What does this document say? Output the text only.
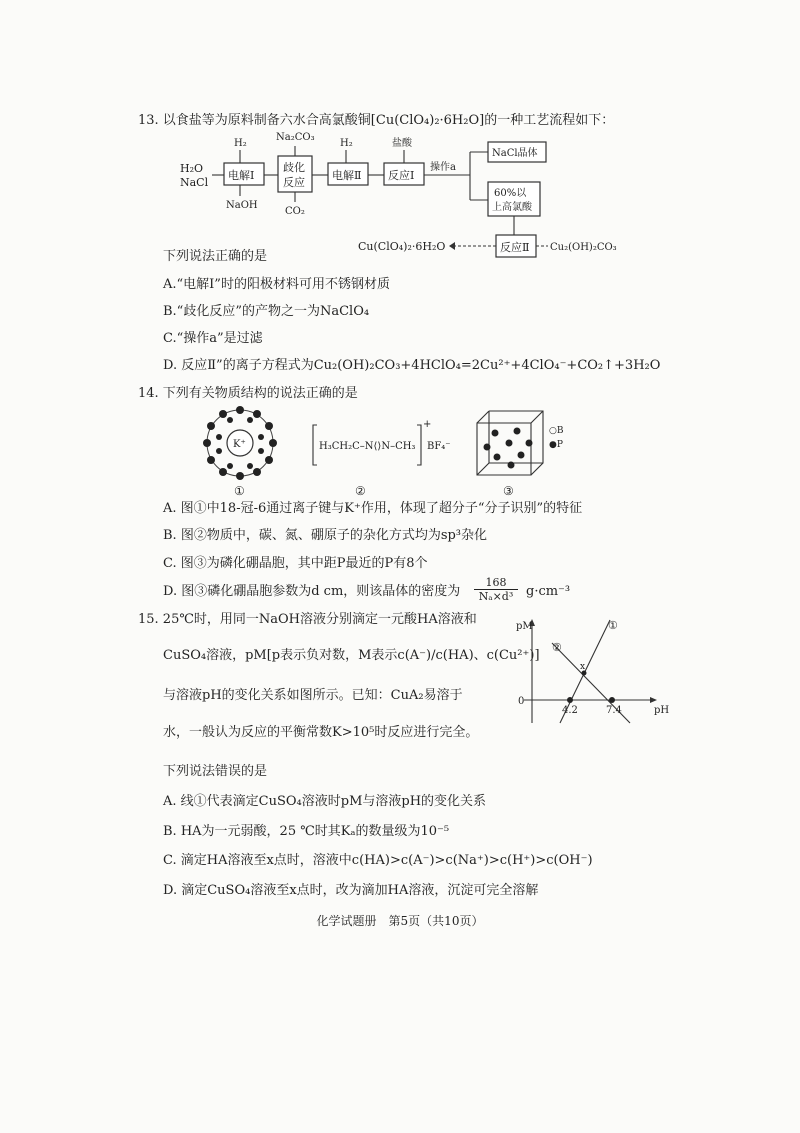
13. 以食盐等为原料制备六水合高氯酸铜[Cu(ClO₄)₂·6H₂O]的一种工艺流程如下：
H₂O
NaCl
电解Ⅰ
H₂
NaOH
歧化
反应
Na₂CO₃
CO₂
电解Ⅱ
H₂
反应Ⅰ
盐酸
操作a
NaCl晶体
60%以
上高氯酸
反应Ⅱ Cu₂(OH)₂CO₃
Cu(ClO₄)₂·6H₂O
下列说法正确的是
A.“电解Ⅰ”时的阳极材料可用不锈钢材质
B.“歧化反应”的产物之一为NaClO₄
C.“操作a”是过滤
D. 反应Ⅱ”的离子方程式为Cu₂(OH)₂CO₃+4HClO₄=2Cu²⁺+4ClO₄⁻+CO₂↑+3H₂O
14. 下列有关物质结构的说法正确的是
K⁺
①
H₃CH₂C–N⟨⟩N–CH₃
+
BF₄⁻
②
○B
●P
③
A. 图①中18-冠-6通过离子键与K⁺作用，体现了超分子“分子识别”的特征
B. 图②物质中，碳、氮、硼原子的杂化方式均为sp³杂化
C. 图③为磷化硼晶胞，其中距P最近的P有8个
D. 图③磷化硼晶胞参数为d cm，则该晶体的密度为 $\frac{168}{\text{Nₐ×d³}} g\cdot cm^{-3}$
15. 25℃时，用同一NaOH溶液分别滴定一元酸HA溶液和
CuSO₄溶液，pM[p表示负对数，M表示c(A⁻)/c(HA)、c(Cu²⁺)]
与溶液pH的变化关系如图所示。已知：CuA₂易溶于
水，一般认为反应的平衡常数K>10⁵时反应进行完全。
pM
pH
0
①
②
x
4.2	7.4
下列说法错误的是
A. 线①代表滴定CuSO₄溶液时pM与溶液pH的变化关系
B. HA为一元弱酸，25 ℃时其Kₐ的数量级为10⁻⁵
C. 滴定HA溶液至x点时，溶液中c(HA)>c(A⁻)>c(Na⁺)>c(H⁺)>c(OH⁻)
D. 滴定CuSO₄溶液至x点时，改为滴加HA溶液，沉淀可完全溶解
化学试题册　第5页（共10页）
